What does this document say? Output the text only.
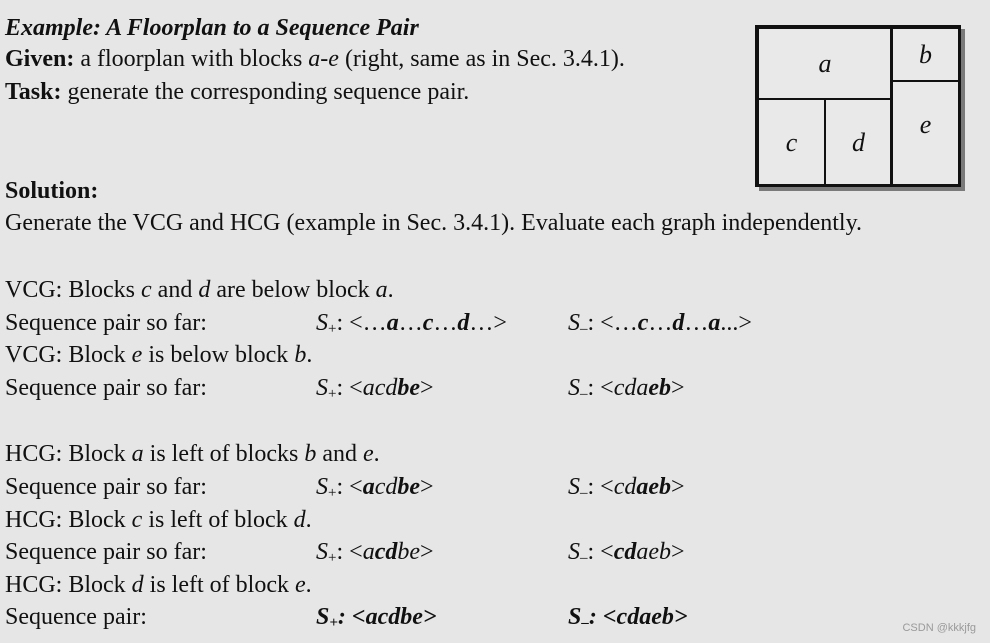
Example: A Floorplan to a Sequence Pair
Given: a floorplan with blocks a-e (right, same as in Sec. 3.4.1).
Task: generate the corresponding sequence pair.
a	b
c d
e
Solution:
Generate the VCG and HCG (example in Sec. 3.4.1). Evaluate each graph independently.
VCG: Blocks c and d are below block a.
Sequence pair so far:	$S_+$: <…a…c…d…>	$S_-$: <…c…d…a...>
VCG: Block e is below block b.
Sequence pair so far:	$S_+$: <acdbe>	$S_-$: <cdaeb>
HCG: Block a is left of blocks b and e.
Sequence pair so far:	$S_+$: <acdbe>	$S_-$: <cdaeb>
HCG: Block c is left of block d.
Sequence pair so far:	$S_+$: <acdbe>	$S_-$: <cdaeb>
HCG: Block d is left of block e.
Sequence pair:	$S_+$: <acdbe>	$S_-$: <cdaeb>	CSDN @kkkjfg
